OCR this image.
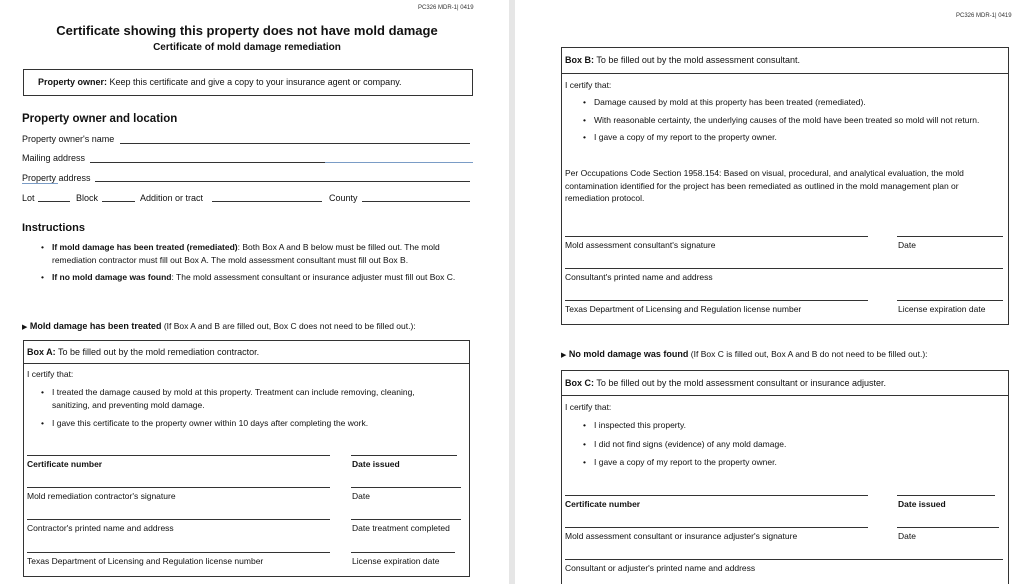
PC326 MDR-1| 0419
Certificate showing this property does not have mold damage
Certificate of mold damage remediation
Property owner: Keep this certificate and give a copy to your insurance agent or company.
Property owner and location
Property owner's name
Mailing address
Property address
Lot	Block	Addition or tract	County
Instructions
• If mold damage has been treated (remediated): Both Box A and B below must be filled out. The mold remediation contractor must fill out Box A. The mold assessment consultant must fill out Box B.
• If no mold damage was found: The mold assessment consultant or insurance adjuster must fill out Box C.
▶ Mold damage has been treated (If Box A and B are filled out, Box C does not need to be filled out.):
Box A: To be filled out by the mold remediation contractor.
I certify that:
• I treated the damage caused by mold at this property. Treatment can include removing, cleaning, sanitizing, and preventing mold damage.
• I gave this certificate to the property owner within 10 days after completing the work.
Certificate number	Date issued
Mold remediation contractor's signature	Date
Contractor's printed name and address	Date treatment completed
Texas Department of Licensing and Regulation license number	License expiration date
PC326 MDR-1| 0419
Box B: To be filled out by the mold assessment consultant.
I certify that:
• Damage caused by mold at this property has been treated (remediated).
• With reasonable certainty, the underlying causes of the mold have been treated so mold will not return.
• I gave a copy of my report to the property owner.
Per Occupations Code Section 1958.154: Based on visual, procedural, and analytical evaluation, the mold contamination identified for the project has been remediated as outlined in the mold management plan or remediation protocol.
Mold assessment consultant's signature	Date
Consultant's printed name and address
Texas Department of Licensing and Regulation license number	License expiration date
▶ No mold damage was found (If Box C is filled out, Box A and B do not need to be filled out.):
Box C: To be filled out by the mold assessment consultant or insurance adjuster.
I certify that:
• I inspected this property.
• I did not find signs (evidence) of any mold damage.
• I gave a copy of my report to the property owner.
Certificate number	Date issued
Mold assessment consultant or insurance adjuster's signature	Date
Consultant or adjuster's printed name and address
